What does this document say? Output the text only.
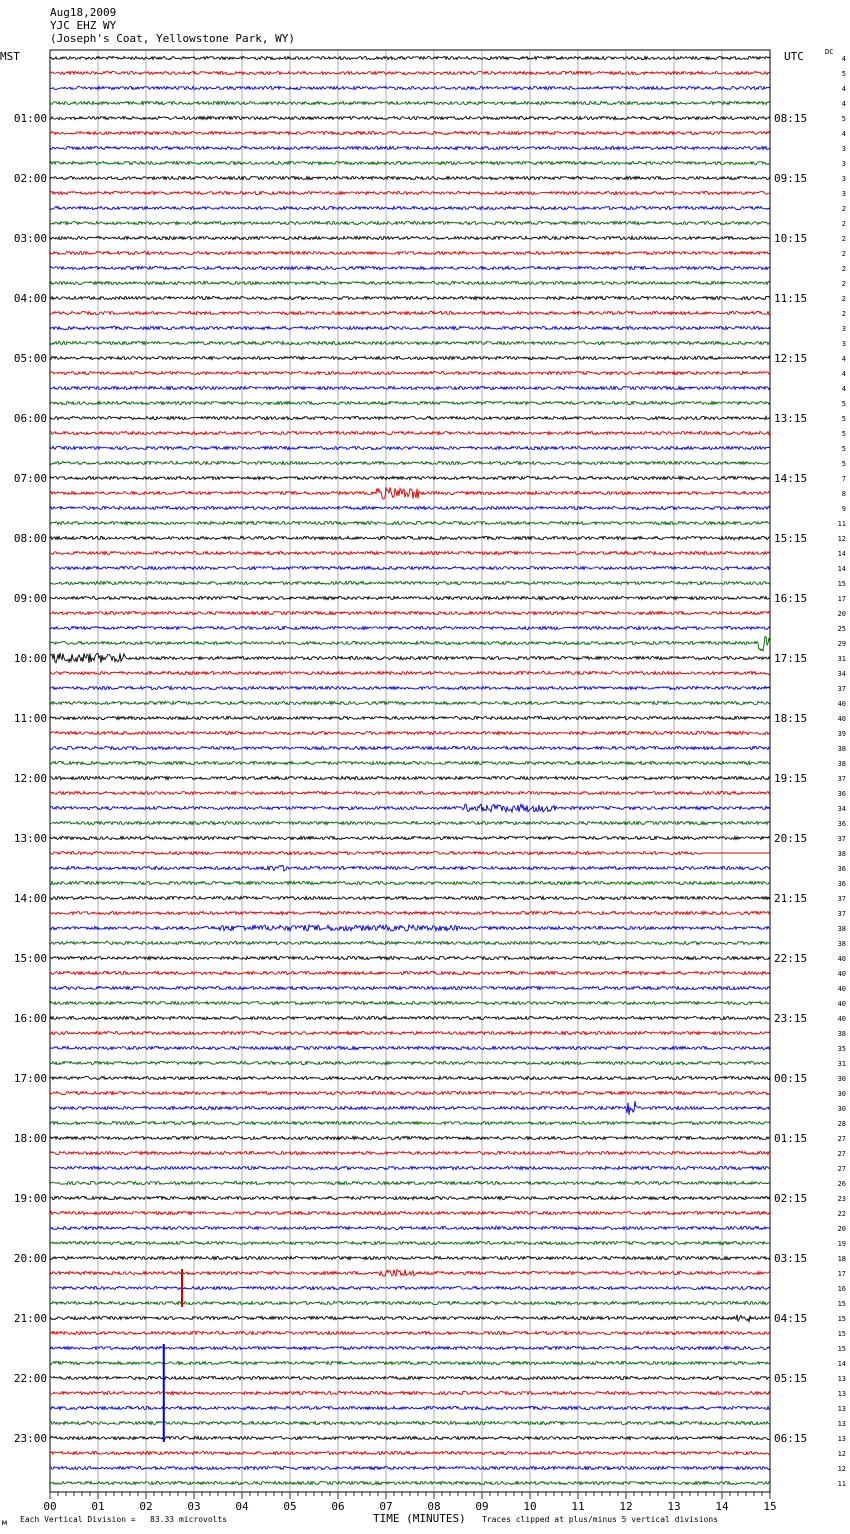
Aug18,2009
YJC EHZ WY
(Joseph's Coat, Yellowstone Park, WY)
MST	UTC	DC
01:00
02:00
03:00
04:00
05:00
06:00
07:00
08:00
09:00
10:00
11:00
12:00
13:00
14:00
15:00
16:00
17:00
18:00
19:00
20:00
21:00
22:00
23:00
08:15
09:15
10:15
11:15
12:15
13:15
14:15
15:15
16:15
17:15
18:15
19:15
20:15
21:15
22:15
23:15
00:15
01:15
02:15
03:15
04:15
05:15
06:15
4
5
4
4
5
4
3
3
3
3
2
2
2
2
2
2
2
2
3
3
4
4
4
5
5
5
5
5
7
8
9
11
12
14
14
15
17
20
25
29
31
34
37
40
40
39
38
38
37
36
34
36
37
38
36
36
37
37
38
38
40
40
40
40
40
38
35
31
30
30
30
28
27
27
27
26
23
22
20
19
18
17
16
15
15
15
15
14
13
13
13
13
13
12
12
11
00	01	02	03	04	05	06	07	08	09	10	11	12	13	14	15
м Each Vertical Division =   83.33 microvolts	TIME (MINUTES) Traces clipped at plus/minus 5 vertical divisions
